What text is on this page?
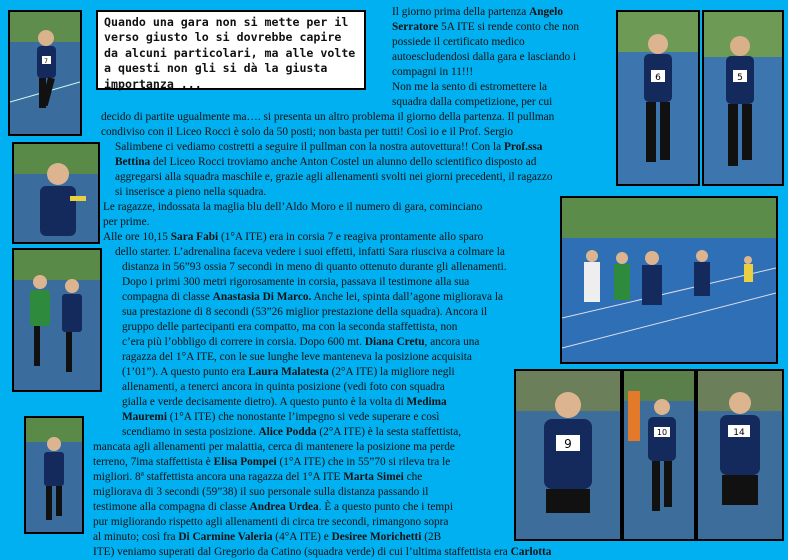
7
6	5
9
10	14
Quando una gara non si mette per il verso giusto lo si dovrebbe capire da alcuni particolari, ma alle volte a questi non gli si dà la giusta importanza ...

Il giorno prima della partenza Angelo

Serratore 5A ITE si rende conto che non

possiede il certificato medico

autoescludendosi dalla gara e lasciando i

compagni in 11!!!

Non me la sento di estromettere la

squadra dalla competizione, per cui

decido di partite ugualmente ma…. si presenta un altro problema il giorno della partenza. Il pullman

condiviso con il Liceo Rocci è solo da 50 posti; non basta per tutti! Così io e il Prof. Sergio

Salimbene ci vediamo costretti a seguire il pullman con la nostra autovettura!! Con la Prof.ssa

Bettina del Liceo Rocci troviamo anche Anton Costel un alunno dello scientifico disposto ad

aggregarsi alla squadra maschile e, grazie agli allenamenti svolti nei giorni precedenti, il ragazzo

si inserisce a pieno nella squadra.

Le ragazze, indossata la maglia blu dell’Aldo Moro e il numero di gara, cominciano

per prime.

Alle ore 10,15 Sara Fabi (1°A ITE) era in corsia 7 e reagiva prontamente allo sparo

dello starter. L’adrenalina faceva vedere i suoi effetti, infatti Sara riusciva a colmare la

distanza in 56”93 ossia 7 secondi in meno di quanto ottenuto durante gli allenamenti.

Dopo i primi 300 metri rigorosamente in corsia, passava il testimone alla sua

compagna di classe Anastasia Di Marco. Anche lei, spinta dall’agone migliorava la

sua prestazione di 8 secondi (53”26 miglior prestazione della squadra). Ancora il

gruppo delle partecipanti era compatto, ma con la seconda staffettista, non

c’era più l’obbligo di correre in corsia. Dopo 600 mt. Diana Cretu, ancora una

ragazza del 1°A ITE, con le sue lunghe leve manteneva la posizione acquisita

(1’01”). A questo punto era Laura Malatesta (2°A ITE) la migliore negli

allenamenti, a tenerci ancora in quinta posizione (vedi foto con squadra

gialla e verde decisamente dietro). A questo punto è la volta di Medima

Mauremi (1°A ITE) che nonostante l’impegno si vede superare e così

scendiamo in sesta posizione. Alice Podda (2°A ITE) è la sesta staffettista,

mancata agli allenamenti per malattia, cerca di mantenere la posizione ma perde

terreno, 7ima staffettista è Elisa Pompei (1°A ITE) che in 55”70 si rileva tra le

migliori. 8ª staffettista ancora una ragazza del 1°A ITE Marta Simei che

migliorava di 3 secondi (59”38) il suo personale sulla distanza passando il

testimone alla compagna di classe Andrea Urdea. È a questo punto che i tempi

pur migliorando rispetto agli allenamenti di circa tre secondi, rimangono sopra

al minuto; così fra Di Carmine Valeria (4°A ITE) e Desiree Morichetti (2B

ITE) veniamo superati dal Gregorio da Catino (squadra verde) di cui l’ultima staffettista era Carlotta
